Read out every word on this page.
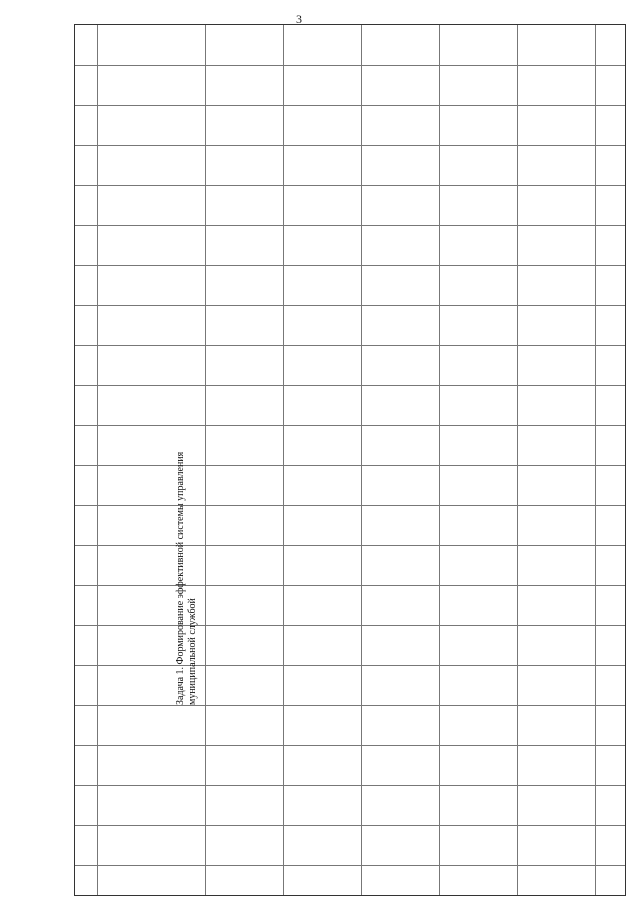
3
Задача 1. Формирование эффективной системы управления муниципальной службой
